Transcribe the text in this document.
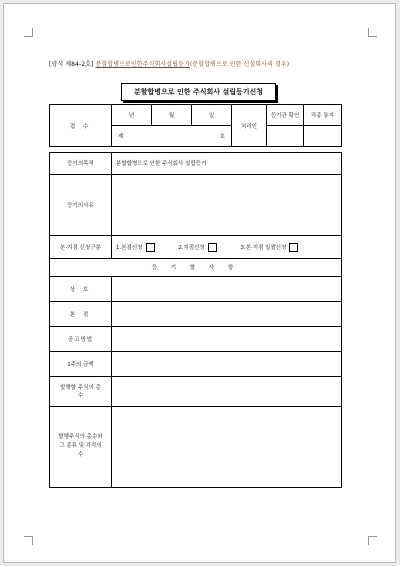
[양식 제84-2호] 분할합병으로인한주식회사설립등기(분할합병으로 인한 신설회사의 경우)
분할합병으로 인한 주식회사 설립등기신청
접 수	년	월	일	처리인	등기관 확인	각종 통지

	제 호					

등기의목적	분할합병으로 인한 주식회사 설립등기
등기의사유	
본·지점 신청구분	1.본점신청 2.지점신청 3.본·지점 일괄신청
등 기 할 사 항	
상 호	
본 점	
공고방법	
1주의 금액	
발행할 주식의 총 수	
발행주식의 총수와 그 종류 및 각각의 수	
